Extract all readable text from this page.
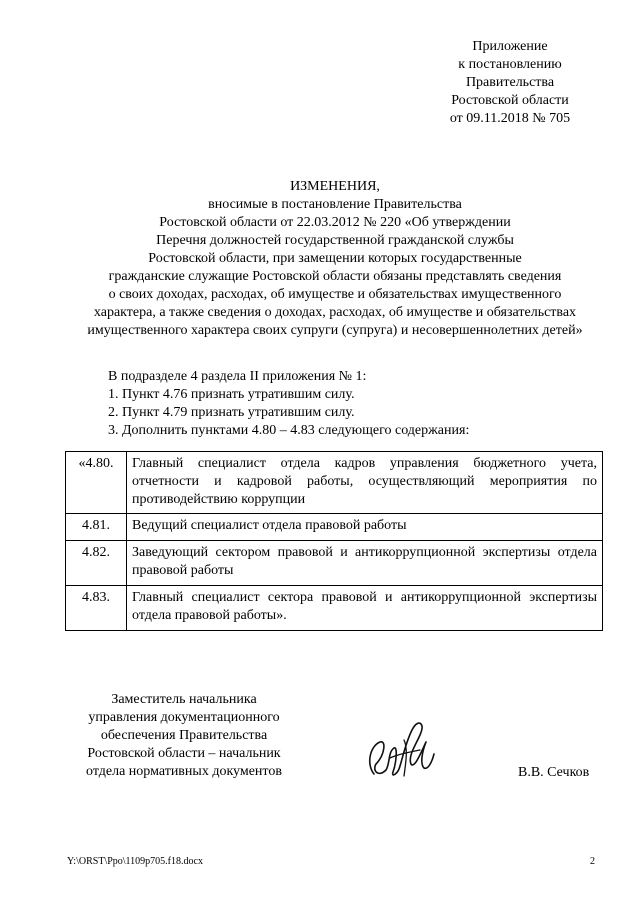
Приложение
к постановлению
Правительства
Ростовской области
от 09.11.2018 № 705
ИЗМЕНЕНИЯ,
вносимые в постановление Правительства
Ростовской области от 22.03.2012 № 220 «Об утверждении
Перечня должностей государственной гражданской службы
Ростовской области, при замещении которых государственные
гражданские служащие Ростовской области обязаны представлять сведения
о своих доходах, расходах, об имуществе и обязательствах имущественного
характера, а также сведения о доходах, расходах, об имуществе и обязательствах
имущественного характера своих супруги (супруга) и несовершеннолетних детей»
В подразделе 4 раздела II приложения № 1:
1. Пункт 4.76 признать утратившим силу.
2. Пункт 4.79 признать утратившим силу.
3. Дополнить пунктами 4.80 – 4.83 следующего содержания:
«4.80.	Главный специалист отдела кадров управления бюджетного учета, отчетности и кадровой работы, осуществляющий мероприятия по противодействию коррупции
4.81.	Ведущий специалист отдела правовой работы
4.82.	Заведующий сектором правовой и антикоррупционной экспертизы отдела правовой работы
4.83.	Главный специалист сектора правовой и антикоррупционной экспертизы отдела правовой работы».
Заместитель начальника
управления документационного
обеспечения Правительства
Ростовской области – начальник
отдела нормативных документов	В.В. Сечков
Y:\ORST\Ppo\1109p705.f18.docx	2
